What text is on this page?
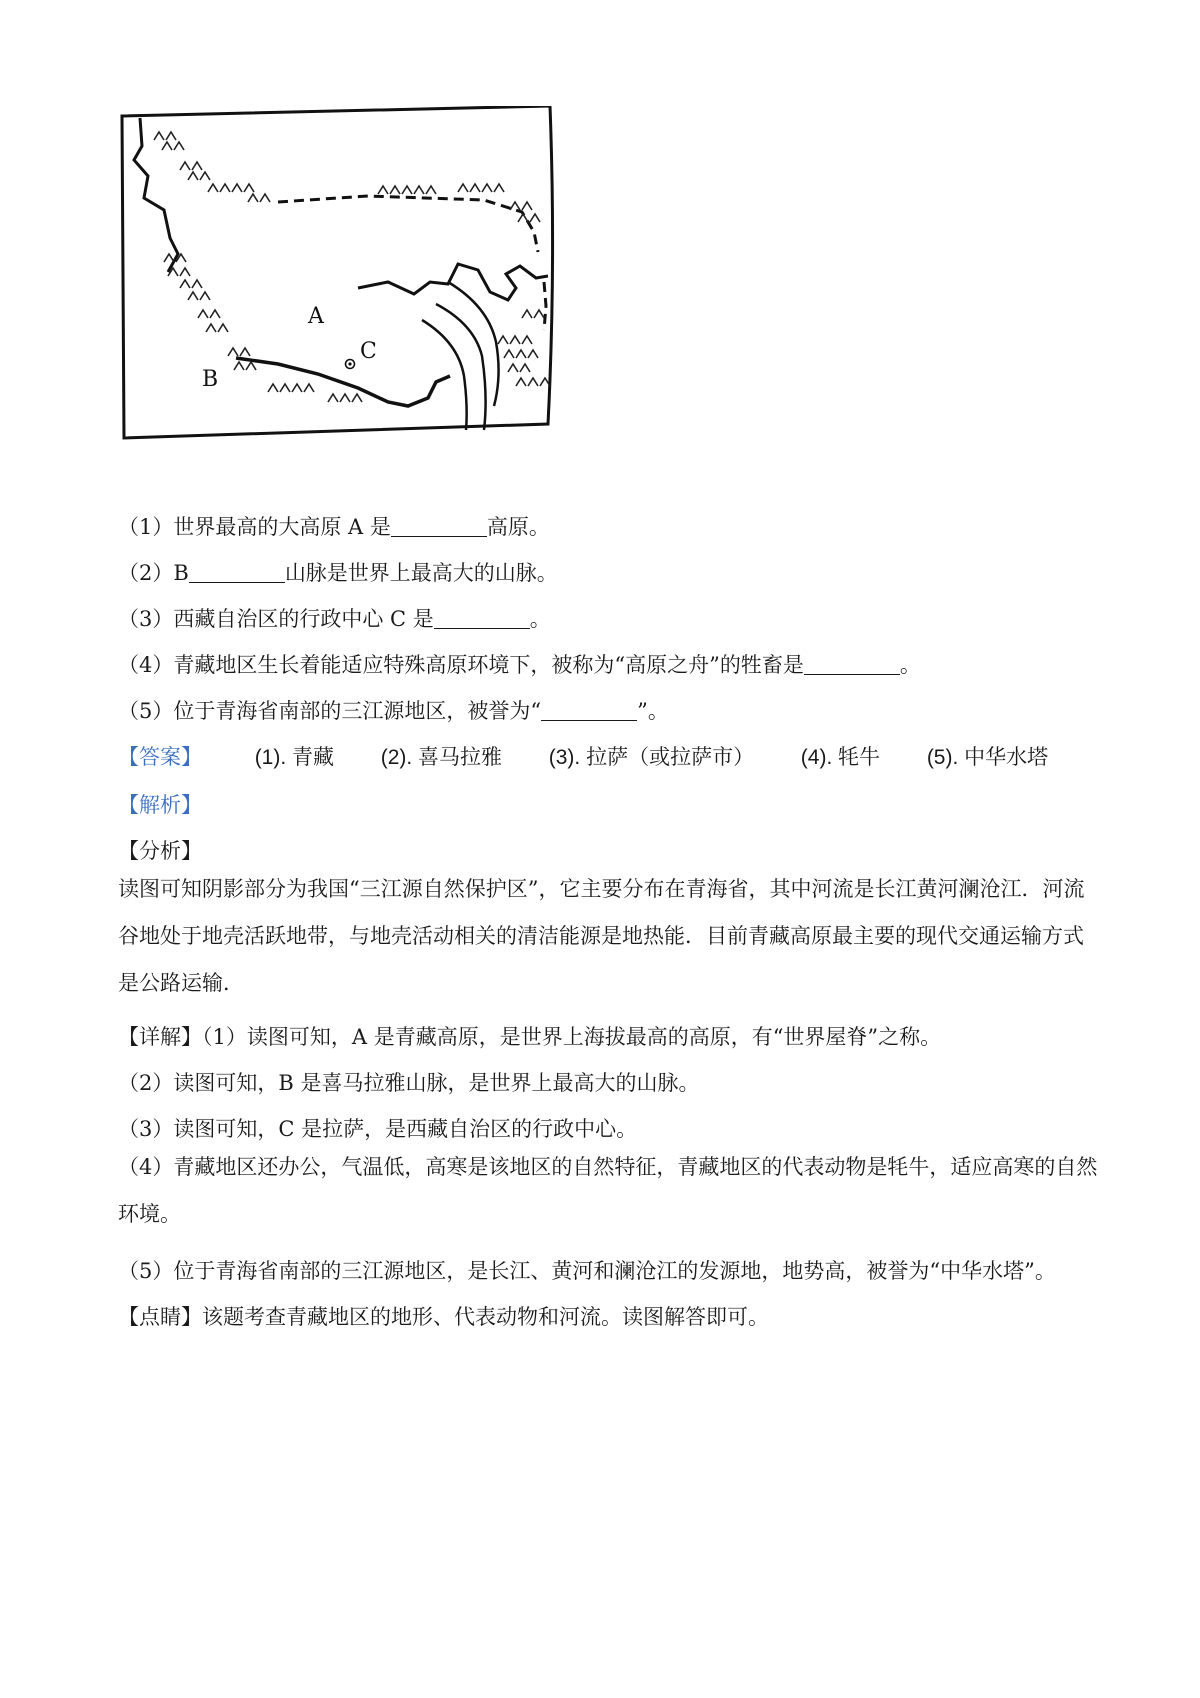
A
B
C
（1）世界最高的大高原 A 是	高原。
（2）B	山脉是世界上最高大的山脉。
（3）西藏自治区的行政中心 C 是	。
（4）青藏地区生长着能适应特殊高原环境下，被称为“高原之舟”的牲畜是	。
（5）位于青海省南部的三江源地区，被誉为“	”。
【答案】	(1). 青藏 (2). 喜马拉雅 (3). 拉萨（或拉萨市） (4). 牦牛 (5). 中华水塔
【解析】
【分析】
读图可知阴影部分为我国“三江源自然保护区”，它主要分布在青海省，其中河流是长江黄河澜沧江．河流谷地处于地壳活跃地带，与地壳活动相关的清洁能源是地热能．目前青藏高原最主要的现代交通运输方式是公路运输．
【详解】（1）读图可知，A 是青藏高原，是世界上海拔最高的高原，有“世界屋脊”之称。
（2）读图可知，B 是喜马拉雅山脉，是世界上最高大的山脉。
（3）读图可知，C 是拉萨，是西藏自治区的行政中心。
（4）青藏地区还办公，气温低，高寒是该地区的自然特征，青藏地区的代表动物是牦牛，适应高寒的自然环境。
（5）位于青海省南部的三江源地区，是长江、黄河和澜沧江的发源地，地势高，被誉为“中华水塔”。
【点睛】该题考查青藏地区的地形、代表动物和河流。读图解答即可。
